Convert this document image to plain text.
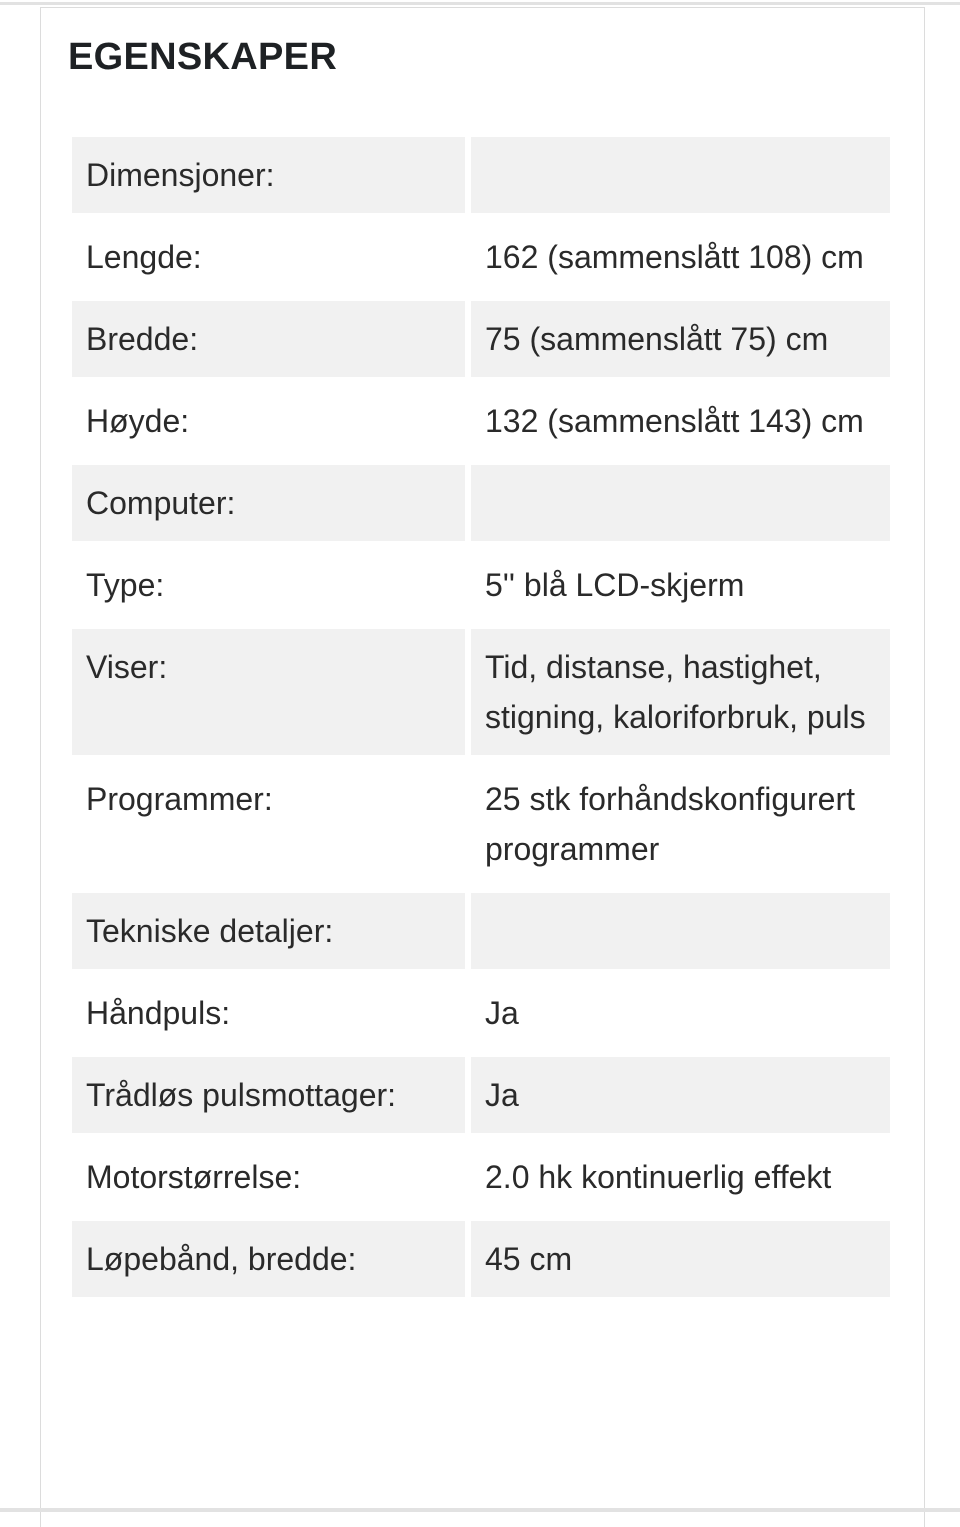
EGENSKAPER
Dimensjoner:	
Lengde:	162 (sammenslått 108) cm
Bredde:	75 (sammenslått 75) cm
Høyde:	132 (sammenslått 143) cm
Computer:	
Type:	5'' blå LCD-skjerm
Viser:	Tid, distanse, hastighet, stigning, kaloriforbruk, puls
Programmer:	25 stk forhåndskonfigurert programmer
Tekniske detaljer:	
Håndpuls:	Ja
Trådløs pulsmottager:	Ja
Motorstørrelse:	2.0 hk kontinuerlig effekt
Løpebånd, bredde:	45 cm
